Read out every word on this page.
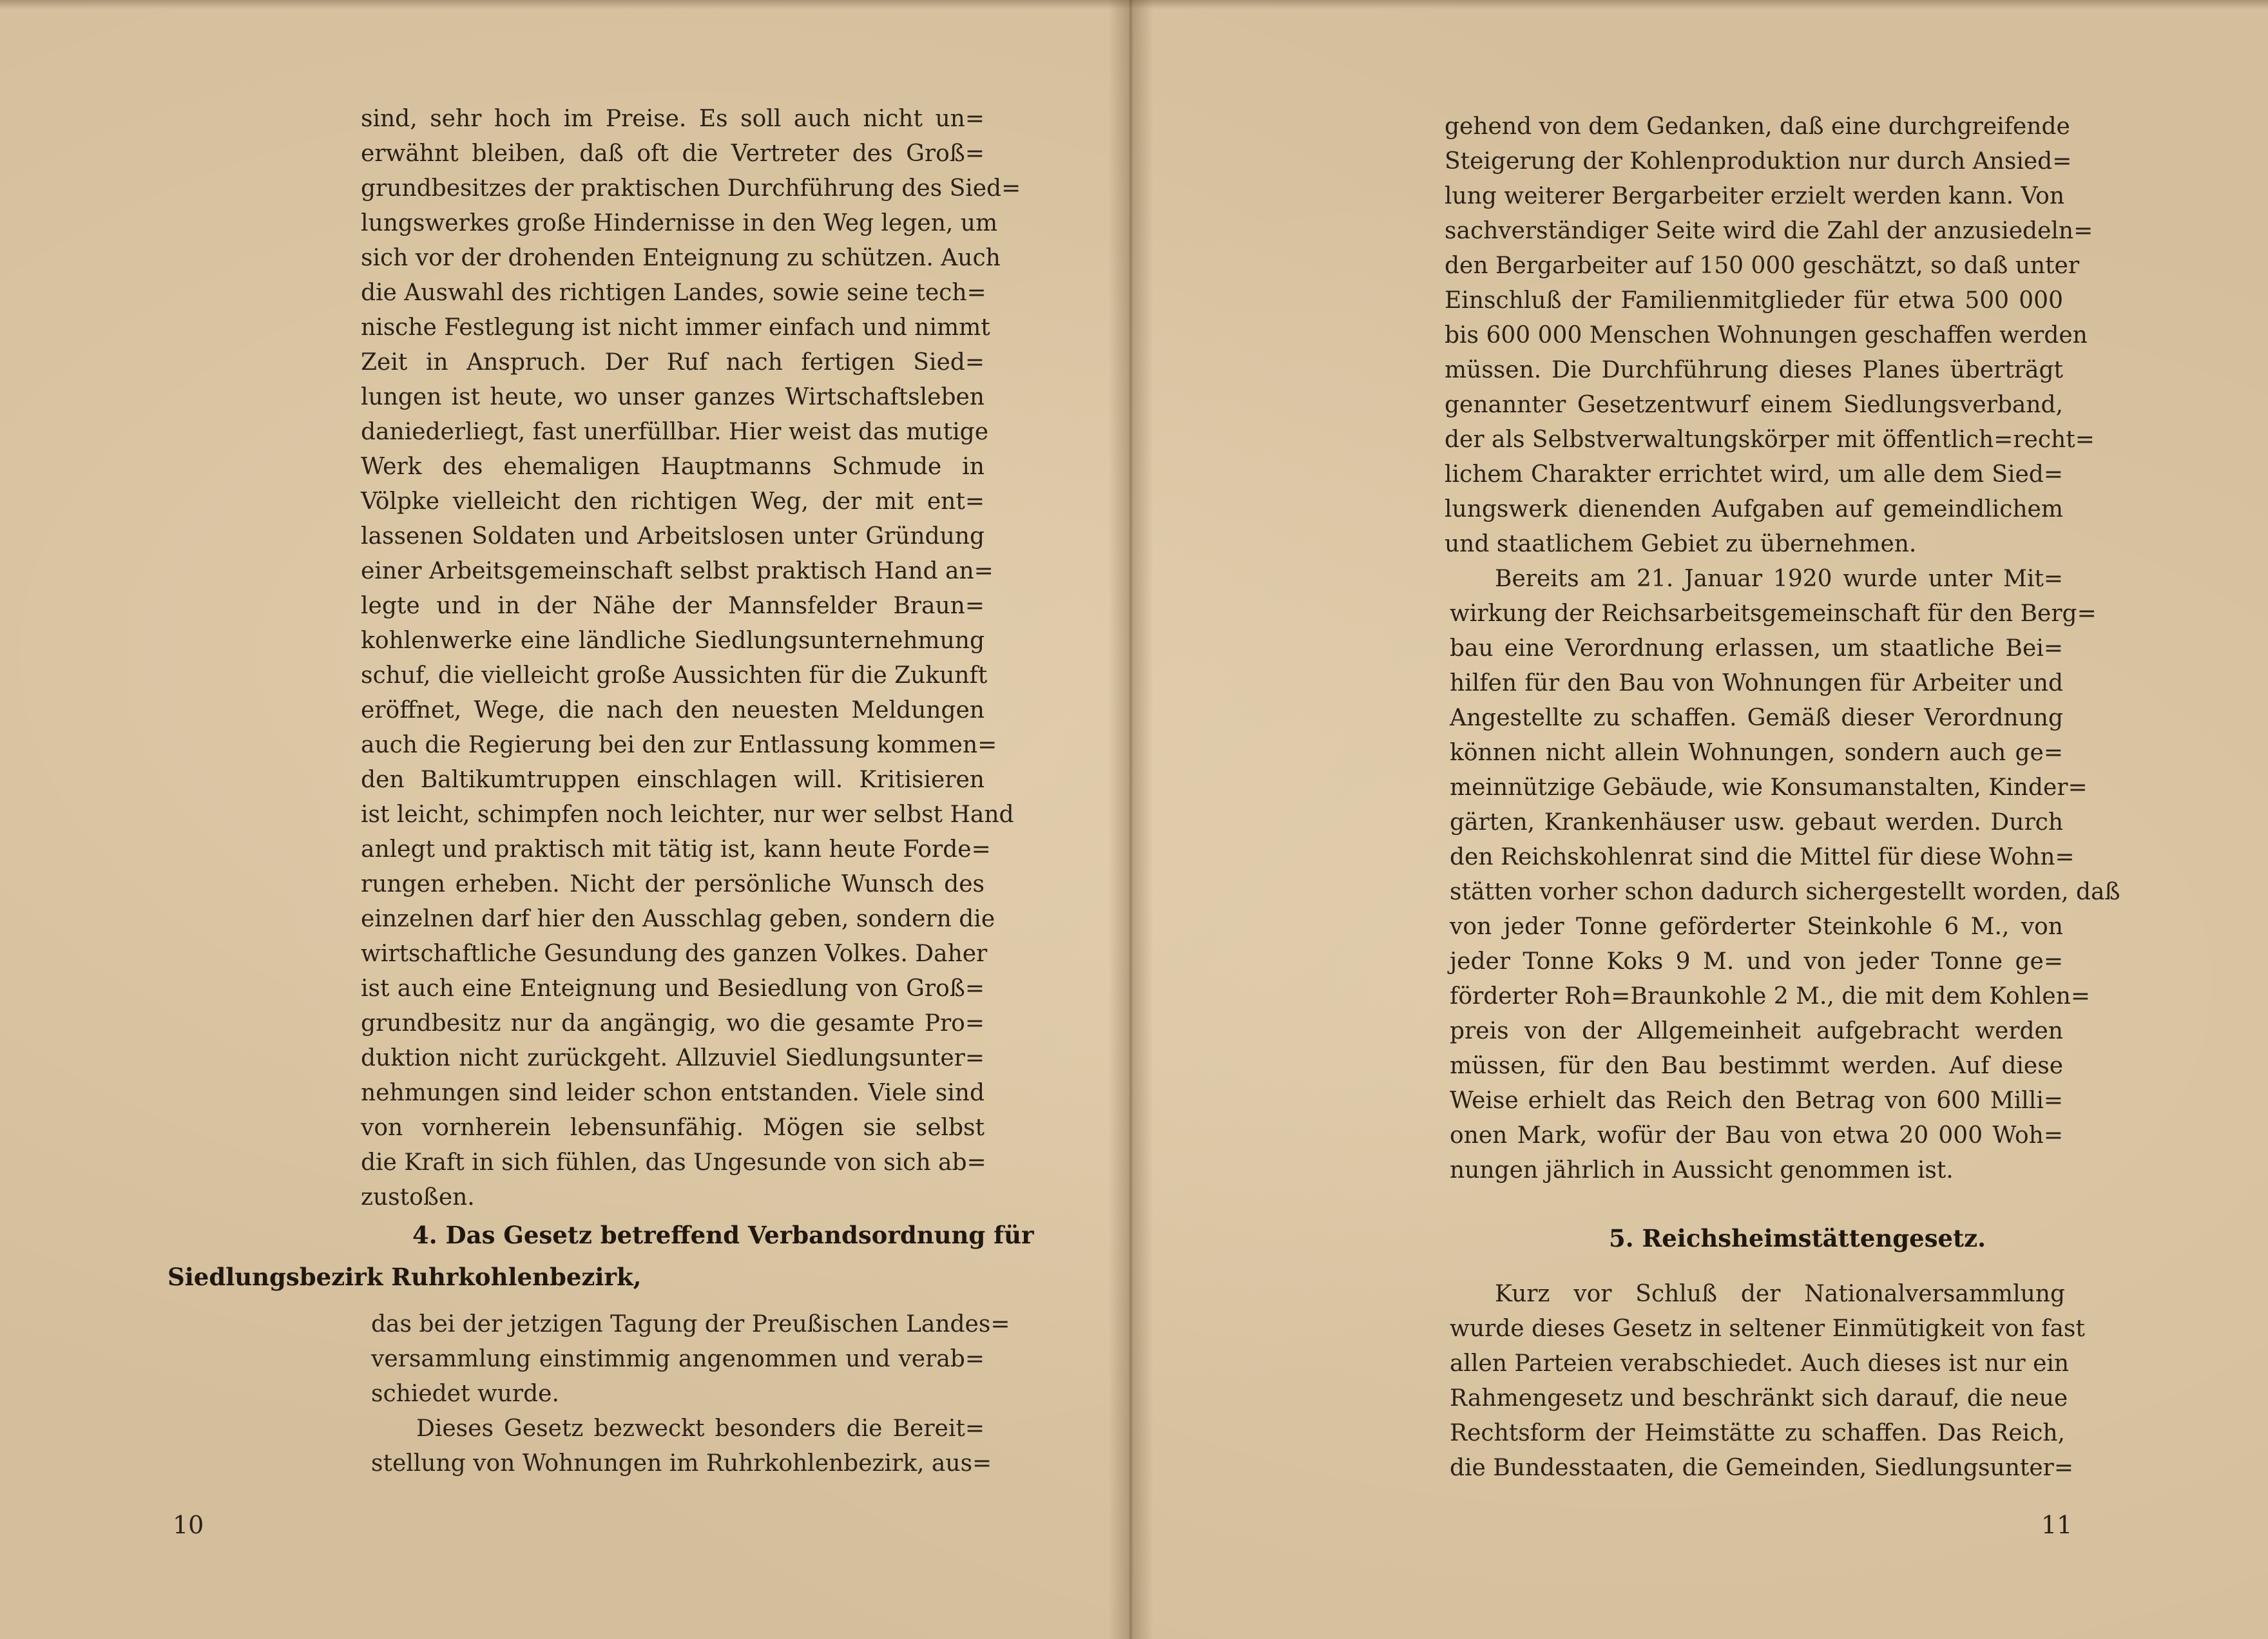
sind, sehr hoch im Preise. Es soll auch nicht un=
erwähnt bleiben, daß oft die Vertreter des Groß=
grundbesitzes der praktischen Durchführung des Sied=
lungswerkes große Hindernisse in den Weg legen, um
sich vor der drohenden Enteignung zu schützen. Auch
die Auswahl des richtigen Landes, sowie seine tech=
nische Festlegung ist nicht immer einfach und nimmt
Zeit in Anspruch. Der Ruf nach fertigen Sied=
lungen ist heute, wo unser ganzes Wirtschaftsleben
daniederliegt, fast unerfüllbar. Hier weist das mutige
Werk des ehemaligen Hauptmanns Schmude in
Völpke vielleicht den richtigen Weg, der mit ent=
lassenen Soldaten und Arbeitslosen unter Gründung
einer Arbeitsgemeinschaft selbst praktisch Hand an=
legte und in der Nähe der Mannsfelder Braun=
kohlenwerke eine ländliche Siedlungsunternehmung
schuf, die vielleicht große Aussichten für die Zukunft
eröffnet, Wege, die nach den neuesten Meldungen
auch die Regierung bei den zur Entlassung kommen=
den Baltikumtruppen einschlagen will. Kritisieren
ist leicht, schimpfen noch leichter, nur wer selbst Hand
anlegt und praktisch mit tätig ist, kann heute Forde=
rungen erheben. Nicht der persönliche Wunsch des
einzelnen darf hier den Ausschlag geben, sondern die
wirtschaftliche Gesundung des ganzen Volkes. Daher
ist auch eine Enteignung und Besiedlung von Groß=
grundbesitz nur da angängig, wo die gesamte Pro=
duktion nicht zurückgeht. Allzuviel Siedlungsunter=
nehmungen sind leider schon entstanden. Viele sind
von vornherein lebensunfähig. Mögen sie selbst
die Kraft in sich fühlen, das Ungesunde von sich ab=
zustoßen.
4. Das Gesetz betreffend Verbandsordnung für
Siedlungsbezirk Ruhrkohlenbezirk,
das bei der jetzigen Tagung der Preußischen Landes=
versammlung einstimmig angenommen und verab=
schiedet wurde.
Dieses Gesetz bezweckt besonders die Bereit=
stellung von Wohnungen im Ruhrkohlenbezirk, aus=
10
gehend von dem Gedanken, daß eine durchgreifende
Steigerung der Kohlenproduktion nur durch Ansied=
lung weiterer Bergarbeiter erzielt werden kann. Von
sachverständiger Seite wird die Zahl der anzusiedeln=
den Bergarbeiter auf 150 000 geschätzt, so daß unter
Einschluß der Familienmitglieder für etwa 500 000
bis 600 000 Menschen Wohnungen geschaffen werden
müssen. Die Durchführung dieses Planes überträgt
genannter Gesetzentwurf einem Siedlungsverband,
der als Selbstverwaltungskörper mit öffentlich=recht=
lichem Charakter errichtet wird, um alle dem Sied=
lungswerk dienenden Aufgaben auf gemeindlichem
und staatlichem Gebiet zu übernehmen.
Bereits am 21. Januar 1920 wurde unter Mit=
wirkung der Reichsarbeitsgemeinschaft für den Berg=
bau eine Verordnung erlassen, um staatliche Bei=
hilfen für den Bau von Wohnungen für Arbeiter und
Angestellte zu schaffen. Gemäß dieser Verordnung
können nicht allein Wohnungen, sondern auch ge=
meinnützige Gebäude, wie Konsumanstalten, Kinder=
gärten, Krankenhäuser usw. gebaut werden. Durch
den Reichskohlenrat sind die Mittel für diese Wohn=
stätten vorher schon dadurch sichergestellt worden, daß
von jeder Tonne geförderter Steinkohle 6 M., von
jeder Tonne Koks 9 M. und von jeder Tonne ge=
förderter Roh=Braunkohle 2 M., die mit dem Kohlen=
preis von der Allgemeinheit aufgebracht werden
müssen, für den Bau bestimmt werden. Auf diese
Weise erhielt das Reich den Betrag von 600 Milli=
onen Mark, wofür der Bau von etwa 20 000 Woh=
nungen jährlich in Aussicht genommen ist.
5. Reichsheimstättengesetz.
Kurz vor Schluß der Nationalversammlung
wurde dieses Gesetz in seltener Einmütigkeit von fast
allen Parteien verabschiedet. Auch dieses ist nur ein
Rahmengesetz und beschränkt sich darauf, die neue
Rechtsform der Heimstätte zu schaffen. Das Reich,
die Bundesstaaten, die Gemeinden, Siedlungsunter=
11
